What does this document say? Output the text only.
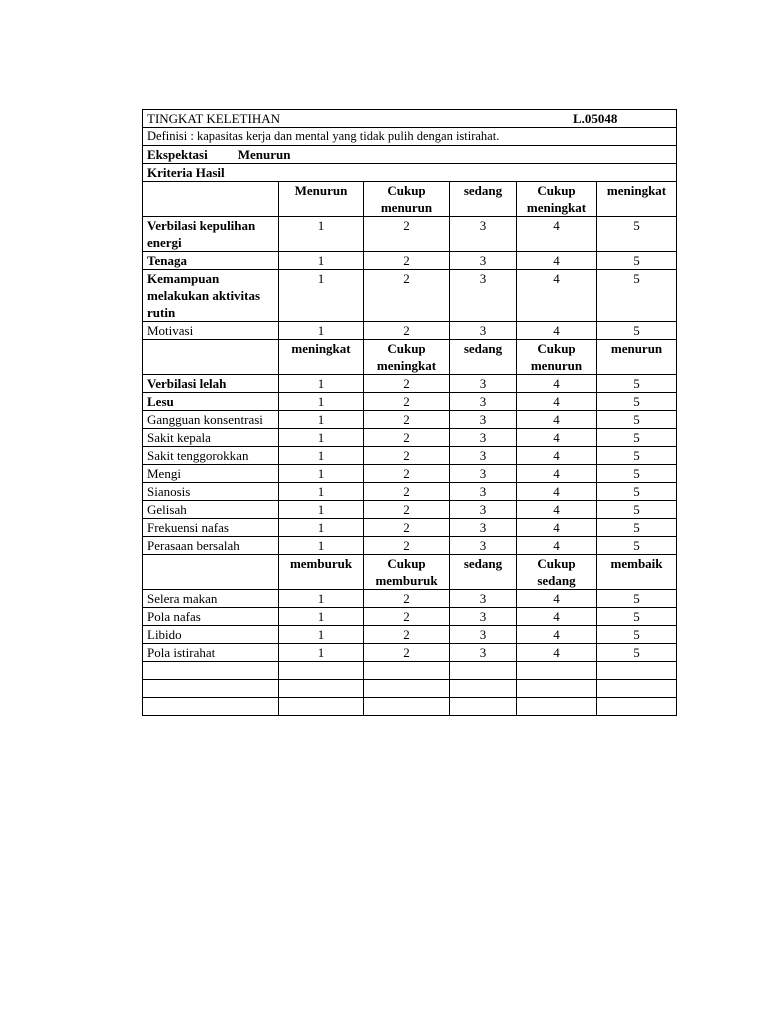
TINGKAT KELETIHAN L.05048					

Definisi : kapasitas kerja dan mental yang tidak pulih dengan istirahat.					
Ekspektasi Menurun					
Kriteria Hasil					
	Menurun	Cukup menurun	sedang	Cukup meningkat	meningkat
Verbilasi kepulihan energi	1	2	3	4	5
Tenaga	1	2	3	4	5
Kemampuan melakukan aktivitas rutin	1	2	3	4	5
Motivasi	1	2	3	4	5
	meningkat	Cukup meningkat	sedang	Cukup menurun	menurun
Verbilasi lelah	1	2	3	4	5
Lesu	1	2	3	4	5
Gangguan konsentrasi	1	2	3	4	5
Sakit kepala	1	2	3	4	5
Sakit tenggorokkan	1	2	3	4	5
Mengi	1	2	3	4	5
Sianosis	1	2	3	4	5
Gelisah	1	2	3	4	5
Frekuensi nafas	1	2	3	4	5
Perasaan bersalah	1	2	3	4	5
	memburuk	Cukup memburuk	sedang	Cukup sedang	membaik
Selera makan	1	2	3	4	5
Pola nafas	1	2	3	4	5
Libido	1	2	3	4	5
Pola istirahat	1	2	3	4	5
